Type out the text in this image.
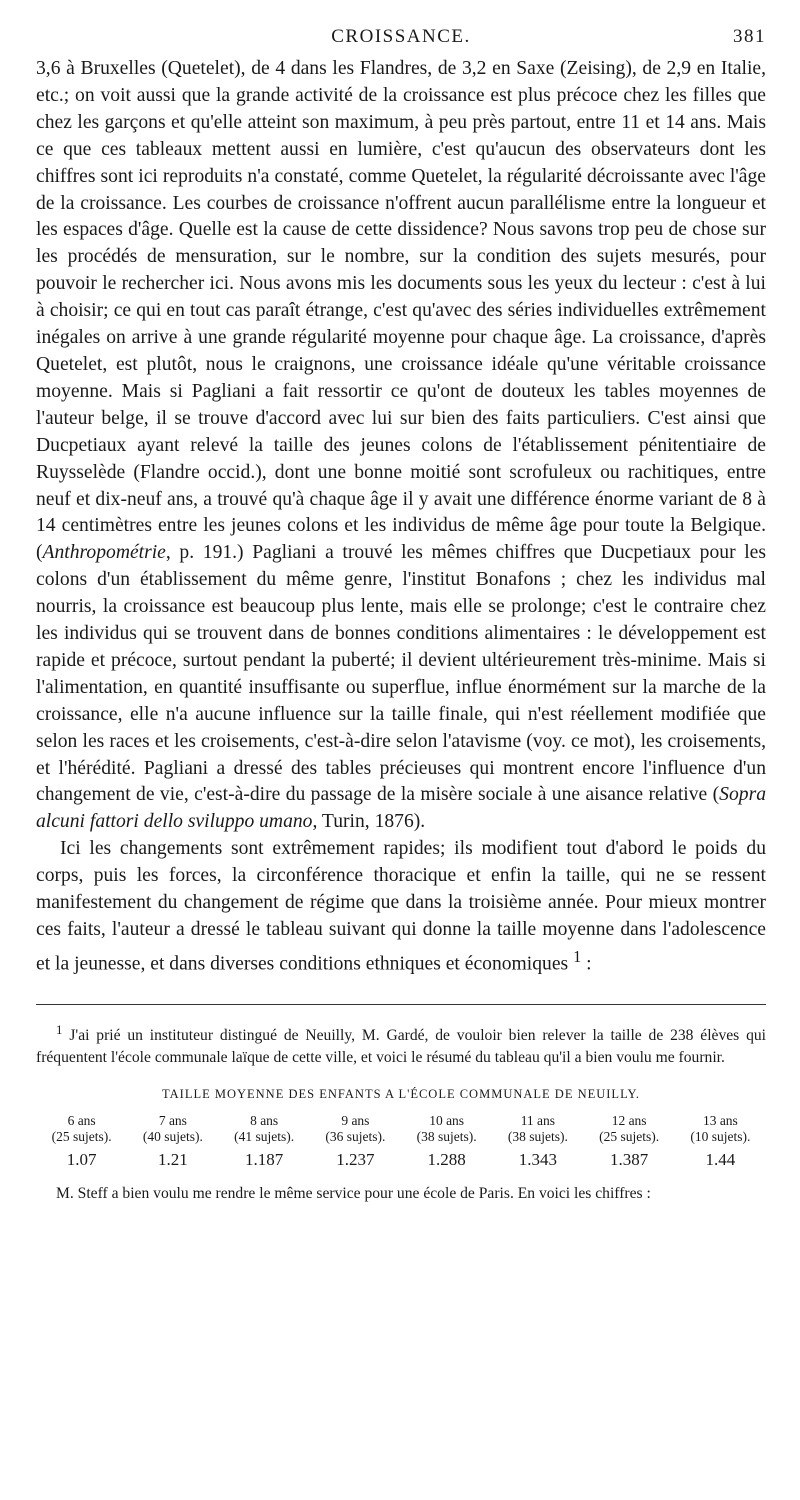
CROISSANCE.	381

3,6 à Bruxelles (Quetelet), de 4 dans les Flandres, de 3,2 en Saxe (Zeising), de 2,9 en Italie, etc.; on voit aussi que la grande activité de la croissance est plus précoce chez les filles que chez les garçons et qu'elle atteint son maximum, à peu près partout, entre 11 et 14 ans. Mais ce que ces tableaux mettent aussi en lumière, c'est qu'aucun des observateurs dont les chiffres sont ici reproduits n'a constaté, comme Quetelet, la régularité décroissante avec l'âge de la croissance. Les courbes de croissance n'offrent aucun parallélisme entre la longueur et les espaces d'âge. Quelle est la cause de cette dissidence? Nous savons trop peu de chose sur les procédés de mensuration, sur le nombre, sur la condition des sujets mesurés, pour pouvoir le rechercher ici. Nous avons mis les documents sous les yeux du lecteur : c'est à lui à choisir; ce qui en tout cas paraît étrange, c'est qu'avec des séries individuelles extrêmement inégales on arrive à une grande régularité moyenne pour chaque âge. La croissance, d'après Quetelet, est plutôt, nous le craignons, une croissance idéale qu'une véritable croissance moyenne. Mais si Pagliani a fait ressortir ce qu'ont de douteux les tables moyennes de l'auteur belge, il se trouve d'accord avec lui sur bien des faits particuliers. C'est ainsi que Ducpetiaux ayant relevé la taille des jeunes colons de l'établissement pénitentiaire de Ruysselède (Flandre occid.), dont une bonne moitié sont scrofuleux ou rachitiques, entre neuf et dix-neuf ans, a trouvé qu'à chaque âge il y avait une différence énorme variant de 8 à 14 centimètres entre les jeunes colons et les individus de même âge pour toute la Belgique. (Anthropométrie, p. 191.) Pagliani a trouvé les mêmes chiffres que Ducpetiaux pour les colons d'un établissement du même genre, l'institut Bonafons ; chez les individus mal nourris, la croissance est beaucoup plus lente, mais elle se prolonge; c'est le contraire chez les individus qui se trouvent dans de bonnes conditions alimentaires : le développement est rapide et précoce, surtout pendant la puberté; il devient ultérieurement très-minime. Mais si l'alimentation, en quantité insuffisante ou superflue, influe énormément sur la marche de la croissance, elle n'a aucune influence sur la taille finale, qui n'est réellement modifiée que selon les races et les croisements, c'est-à-dire selon l'atavisme (voy. ce mot), les croisements, et l'hérédité. Pagliani a dressé des tables précieuses qui montrent encore l'influence d'un changement de vie, c'est-à-dire du passage de la misère sociale à une aisance relative (Sopra alcuni fattori dello sviluppo umano, Turin, 1876).

Ici les changements sont extrêmement rapides; ils modifient tout d'abord le poids du corps, puis les forces, la circonférence thoracique et enfin la taille, qui ne se ressent manifestement du changement de régime que dans la troisième année. Pour mieux montrer ces faits, l'auteur a dressé le tableau suivant qui donne la taille moyenne dans l'adolescence et la jeunesse, et dans diverses conditions ethniques et économiques $^1$ :

$^1$ J'ai prié un instituteur distingué de Neuilly, M. Gardé, de vouloir bien relever la taille de 238 élèves qui fréquentent l'école communale laïque de cette ville, et voici le résumé du tableau qu'il a bien voulu me fournir.

TAILLE MOYENNE DES ENFANTS A L'ÉCOLE COMMUNALE DE NEUILLY.
6 ans	7 ans	8 ans	9 ans	10 ans	11 ans	12 ans	13 ans
(25 sujets).	(40 sujets).	(41 sujets).	(36 sujets).	(38 sujets).	(38 sujets).	(25 sujets).	(10 sujets).
1.07	1.21	1.187	1.237	1.288	1.343	1.387	1.44

M. Steff a bien voulu me rendre le même service pour une école de Paris. En voici les chiffres :
